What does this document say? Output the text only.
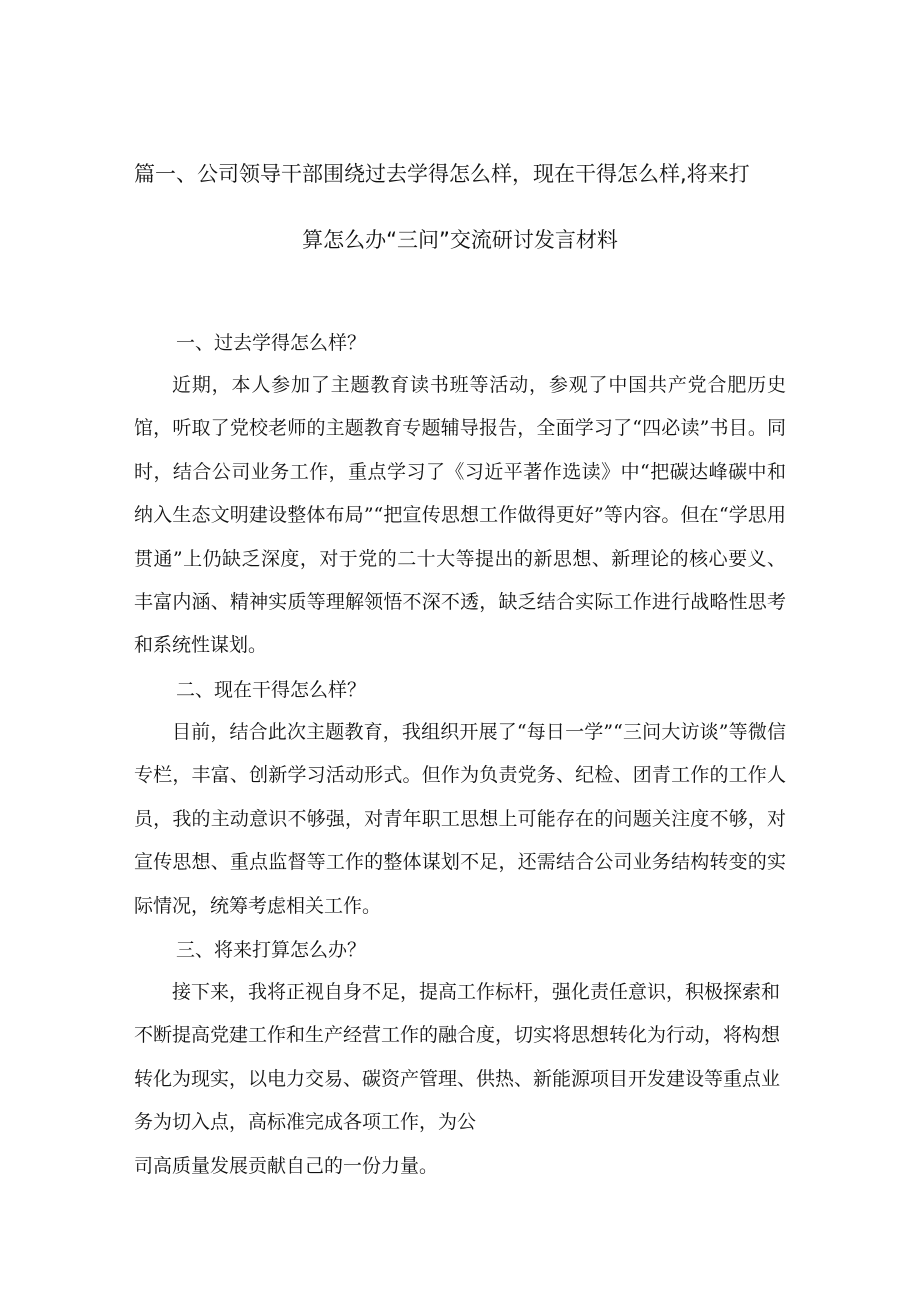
篇一、公司领导干部围绕过去学得怎么样，现在干得怎么样,将来打
算怎么办“三问”交流研讨发言材料
一、过去学得怎么样？

近期，本人参加了主题教育读书班等活动，参观了中国共产党合肥历史馆，听取了党校老师的主题教育专题辅导报告，全面学习了“四必读”书目。同时，结合公司业务工作，重点学习了《习近平著作选读》中“把碳达峰碳中和纳入生态文明建设整体布局”“把宣传思想工作做得更好”等内容。但在“学思用贯通”上仍缺乏深度，对于党的二十大等提出的新思想、新理论的核心要义、丰富内涵、精神实质等理解领悟不深不透，缺乏结合实际工作进行战略性思考和系统性谋划。

二、现在干得怎么样？

目前，结合此次主题教育，我组织开展了“每日一学”“三问大访谈”等微信专栏，丰富、创新学习活动形式。但作为负责党务、纪检、团青工作的工作人员，我的主动意识不够强，对青年职工思想上可能存在的问题关注度不够，对宣传思想、重点监督等工作的整体谋划不足，还需结合公司业务结构转变的实际情况，统筹考虑相关工作。

三、将来打算怎么办？

接下来，我将正视自身不足，提高工作标杆，强化责任意识，积极探索和不断提高党建工作和生产经营工作的融合度，切实将思想转化为行动，将构想转化为现实，以电力交易、碳资产管理、供热、新能源项目开发建设等重点业务为切入点，高标准完成各项工作，为公

司高质量发展贡献自己的一份力量。
